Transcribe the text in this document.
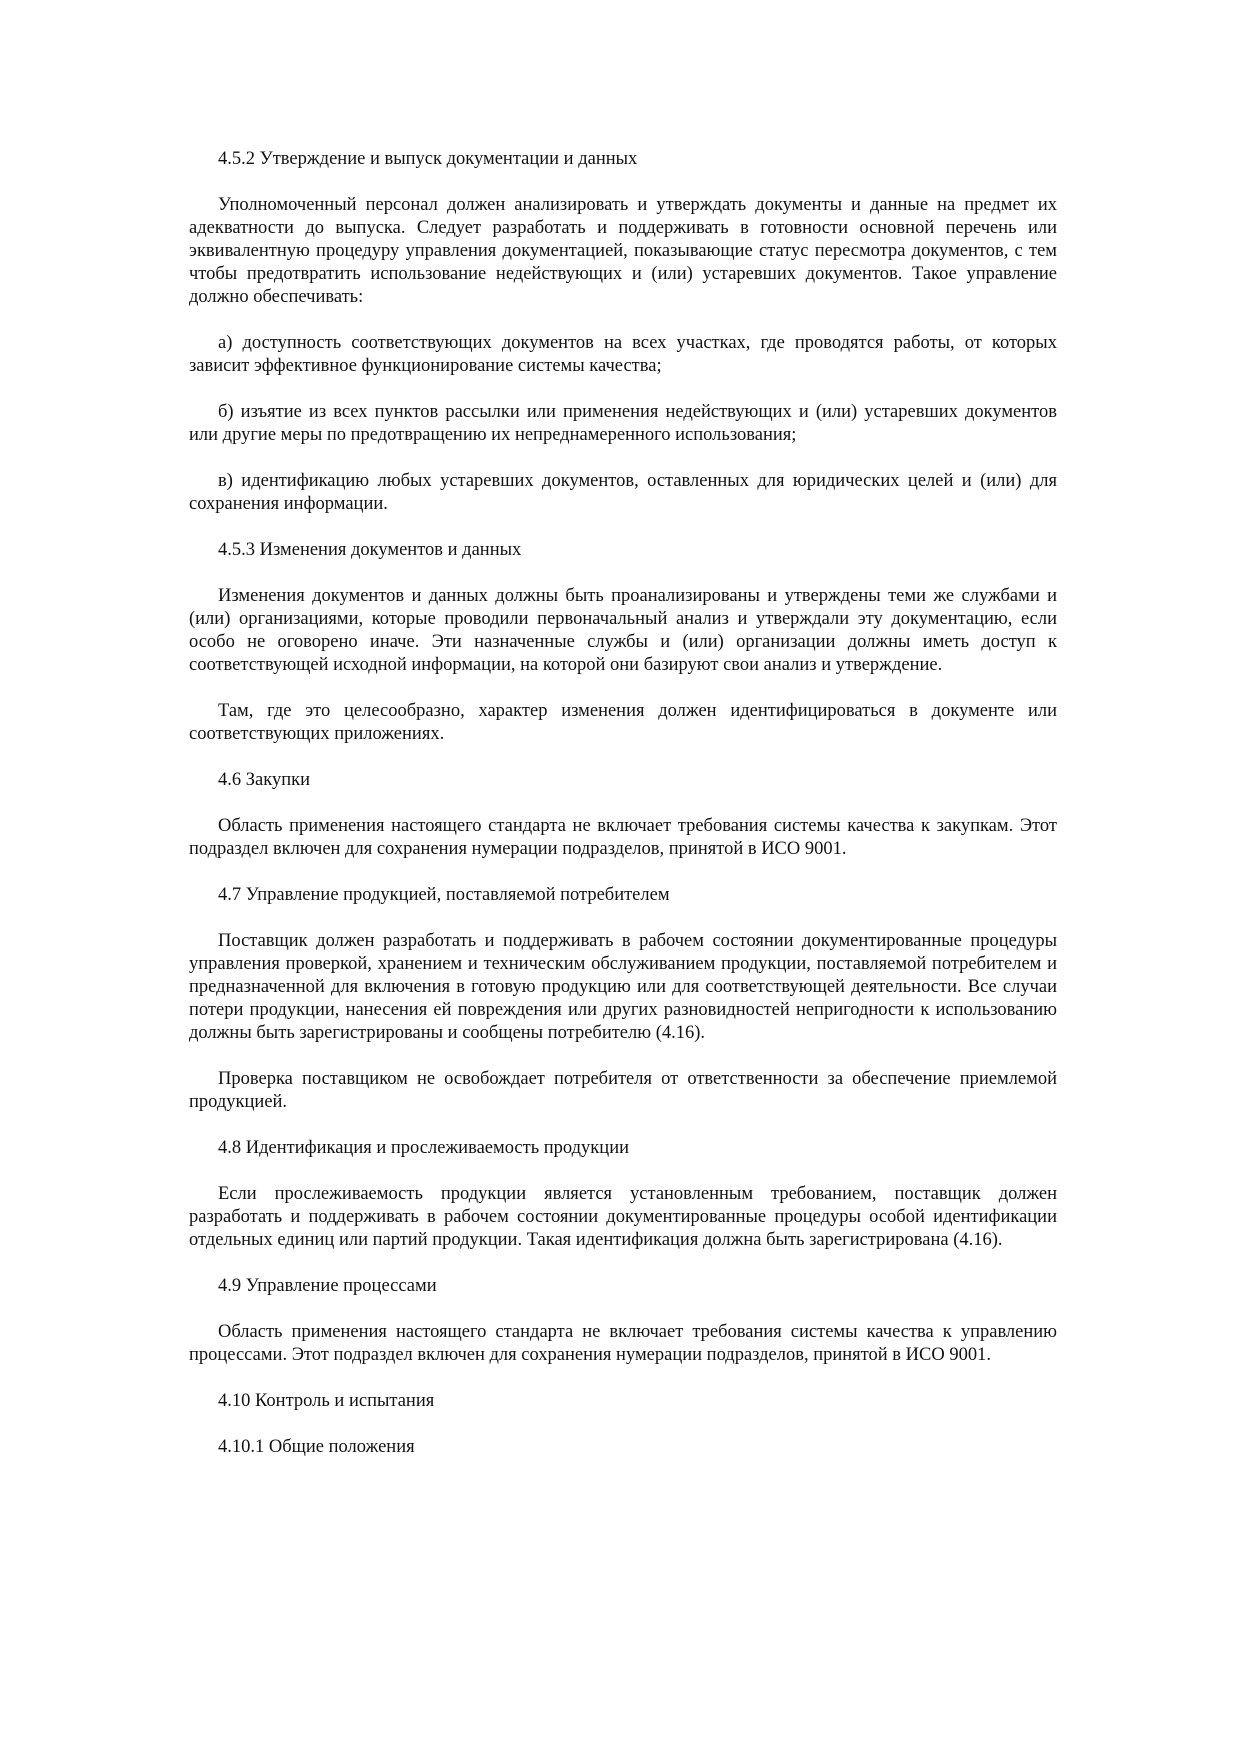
4.5.2 Утверждение и выпуск документации и данных

Уполномоченный персонал должен анализировать и утверждать документы и данные на предмет их адекватности до выпуска. Следует разработать и поддерживать в готовности основной перечень или эквивалентную процедуру управления документацией, показывающие статус пересмотра документов, с тем чтобы предотвратить использование недействующих и (или) устаревших документов. Такое управление должно обеспечивать:

а) доступность соответствующих документов на всех участках, где проводятся работы, от которых зависит эффективное функционирование системы качества;

б) изъятие из всех пунктов рассылки или применения недействующих и (или) устаревших документов или другие меры по предотвращению их непреднамеренного использования;

в) идентификацию любых устаревших документов, оставленных для юридических целей и (или) для сохранения информации.

4.5.3 Изменения документов и данных

Изменения документов и данных должны быть проанализированы и утверждены теми же службами и (или) организациями, которые проводили первоначальный анализ и утверждали эту документацию, если особо не оговорено иначе. Эти назначенные службы и (или) организации должны иметь доступ к соответствующей исходной информации, на которой они базируют свои анализ и утверждение.

Там, где это целесообразно, характер изменения должен идентифицироваться в документе или соответствующих приложениях.

4.6 Закупки

Область применения настоящего стандарта не включает требования системы качества к закупкам. Этот подраздел включен для сохранения нумерации подразделов, принятой в ИСО 9001.

4.7 Управление продукцией, поставляемой потребителем

Поставщик должен разработать и поддерживать в рабочем состоянии документированные процедуры управления проверкой, хранением и техническим обслуживанием продукции, поставляемой потребителем и предназначенной для включения в готовую продукцию или для соответствующей деятельности. Все случаи потери продукции, нанесения ей повреждения или других разновидностей непригодности к использованию должны быть зарегистрированы и сообщены потребителю (4.16).

Проверка поставщиком не освобождает потребителя от ответственности за обеспечение приемлемой продукцией.

4.8 Идентификация и прослеживаемость продукции

Если прослеживаемость продукции является установленным требованием, поставщик должен разработать и поддерживать в рабочем состоянии документированные процедуры особой идентификации отдельных единиц или партий продукции. Такая идентификация должна быть зарегистрирована (4.16).

4.9 Управление процессами

Область применения настоящего стандарта не включает требования системы качества к управлению процессами. Этот подраздел включен для сохранения нумерации подразделов, принятой в ИСО 9001.

4.10 Контроль и испытания

4.10.1 Общие положения
